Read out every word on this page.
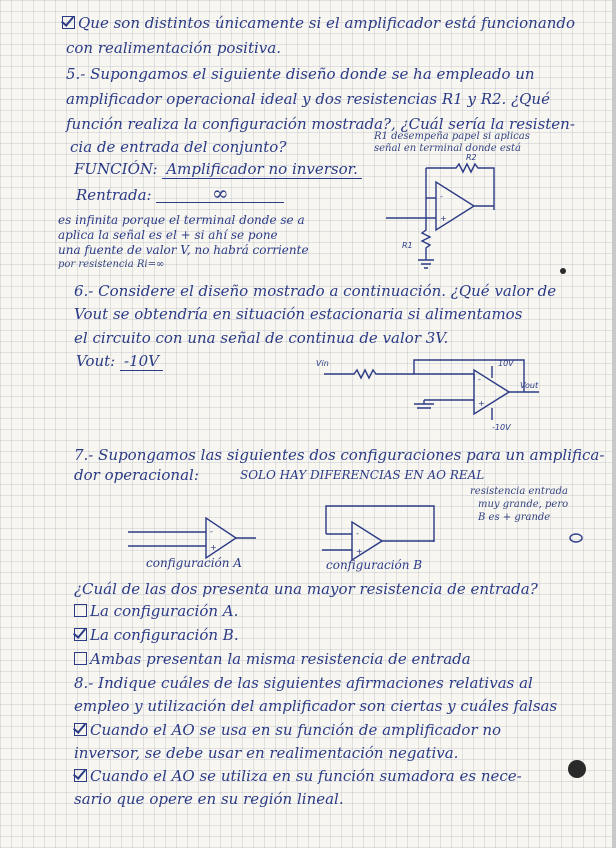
Que son distintos únicamente si el amplificador está funcionando
con realimentación positiva.
5.- Supongamos el siguiente diseño donde se ha empleado un
amplificador operacional ideal y dos resistencias R1 y R2. ¿Qué
función realiza la configuración mostrada?, ¿Cuál sería la resisten-
cia de entrada del conjunto?
R1 desempeña papel si aplicas
señal en terminal donde está
FUNCIÓN: Amplificador no inversor.
Rentrada:	∞
es infinita porque el terminal donde se a
aplica la señal es el + si ahí se pone
una fuente de valor V, no habrá corriente
por resistencia Ri=∞
-
+
R2
R1
6.- Considere el diseño mostrado a continuación. ¿Qué valor de
Vout se obtendría en situación estacionaria si alimentamos
el circuito con una señal de continua de valor 3V.
Vout: -10V	Vin	10V
-10V
Vout
-
+
7.- Supongamos las siguientes dos configuraciones para un amplifica-
dor operacional:	SOLO HAY DIFERENCIAS EN AO REAL
resistencia entrada
muy grande, pero
B es + grande
-
+
configuración A
-
+
configuración B
¿Cuál de las dos presenta una mayor resistencia de entrada?
La configuración A.
La configuración B.
Ambas presentan la misma resistencia de entrada
8.- Indique cuáles de las siguientes afirmaciones relativas al
empleo y utilización del amplificador son ciertas y cuáles falsas
Cuando el AO se usa en su función de amplificador no
inversor, se debe usar en realimentación negativa.
Cuando el AO se utiliza en su función sumadora es nece-
sario que opere en su región lineal.
